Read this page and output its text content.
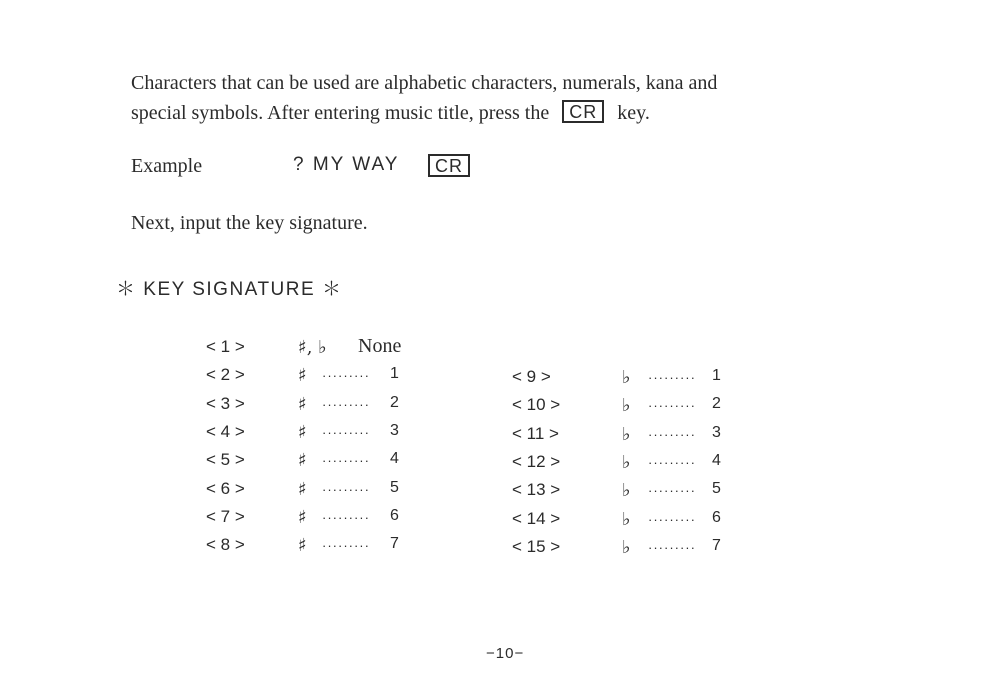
Characters that can be used are alphabetic characters, numerals, kana and
special symbols. After entering music title, press the CR key.
Example	? MY WAY	CR
Next, input the key signature.
＊ KEY SIGNATURE ＊
< 1 >	♯, ♭ None
< 2 >	♯ ········· 1
< 3 >	♯ ········· 2
< 4 >	♯ ········· 3
< 5 >	♯ ········· 4
< 6 >	♯ ········· 5
< 7 >	♯ ········· 6
< 8 >	♯ ········· 7
< 9 >	♭ ········· 1
< 10 >	♭ ········· 2
< 11 >	♭ ········· 3
< 12 >	♭ ········· 4
< 13 >	♭ ········· 5
< 14 >	♭ ········· 6
< 15 >	♭ ········· 7
−10−
